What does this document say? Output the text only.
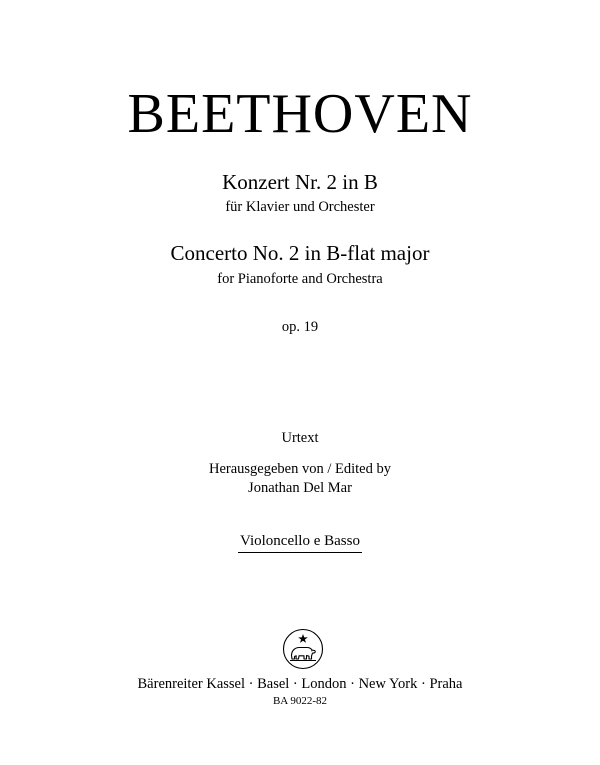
BEETHOVEN
Konzert Nr. 2 in B
für Klavier und Orchester
Concerto No. 2 in B-flat major
for Pianoforte and Orchestra
op. 19
Urtext
Herausgegeben von / Edited by
Jonathan Del Mar
Violoncello e Basso
Bärenreiter Kassel · Basel · London · New York · Praha
BA 9022-82
